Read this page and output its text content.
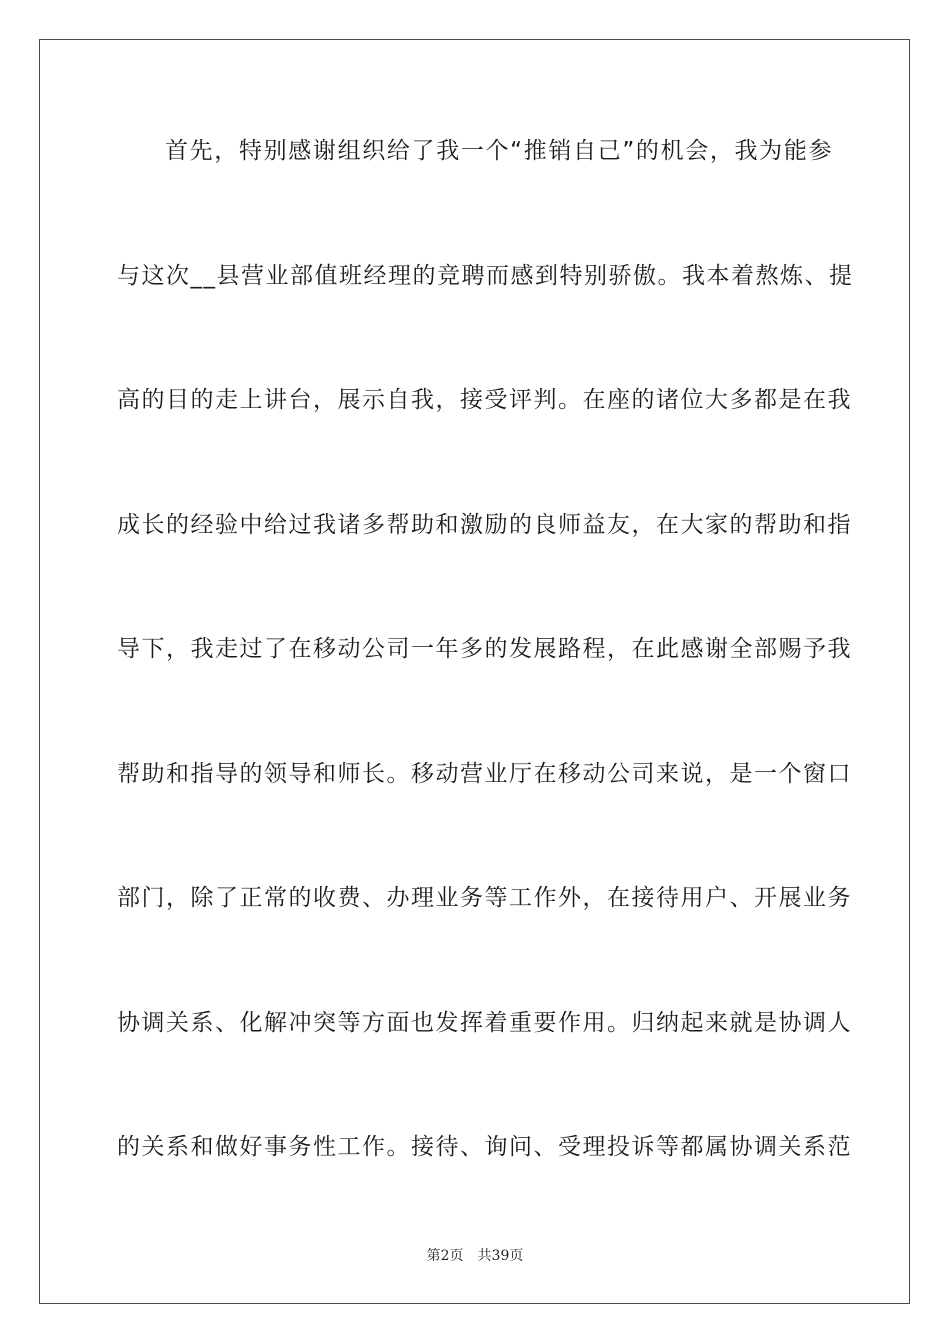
首先，特别感谢组织给了我一个“推销自己”的机会，我为能参
与这次__县营业部值班经理的竞聘而感到特别骄傲。我本着熬炼、提
高的目的走上讲台，展示自我，接受评判。在座的诸位大多都是在我
成长的经验中给过我诸多帮助和激励的良师益友，在大家的帮助和指
导下，我走过了在移动公司一年多的发展路程，在此感谢全部赐予我
帮助和指导的领导和师长。移动营业厅在移动公司来说，是一个窗口
部门，除了正常的收费、办理业务等工作外，在接待用户、开展业务
协调关系、化解冲突等方面也发挥着重要作用。归纳起来就是协调人
的关系和做好事务性工作。接待、询问、受理投诉等都属协调关系范
第2页 共39页
